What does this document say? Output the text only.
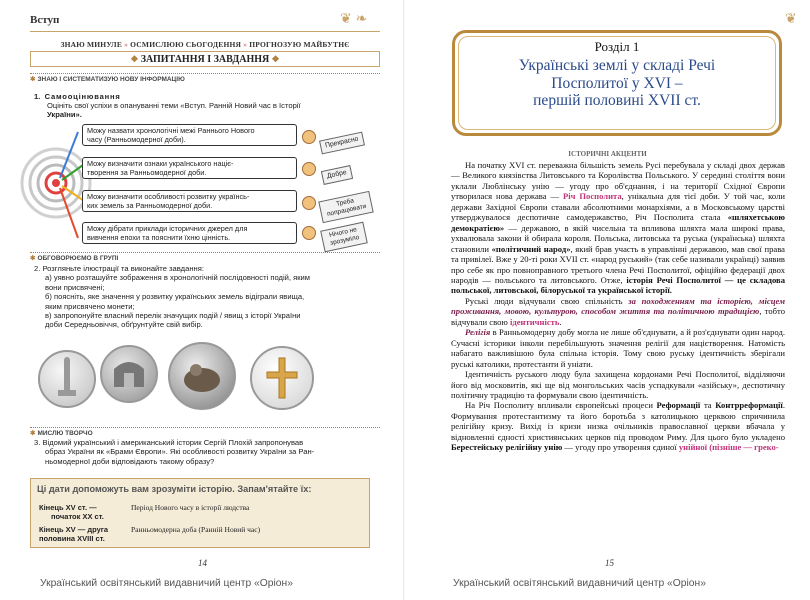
Вступ	❦ ❧
ЗНАЮ МИНУЛЕ » ОСМИСЛЮЮ СЬОГОДЕННЯ » ПРОГНОЗУЮ МАЙБУТНЄ
❖ ЗАПИТАННЯ І ЗАВДАННЯ ❖
✱ ЗНАЮ І СИСТЕМАТИЗУЮ НОВУ ІНФОРМАЦІЮ
1. Самооцінювання
Оцініть свої успіхи в опануванні теми «Вступ. Ранній Новий час в Історії
України».
Можу назвати хронологічні межі Раннього Нового
часу (Ранньомодерної доби).
Можу визначити ознаки українського націє-
творення за Ранньомодерної доби.
Можу визначити особливості розвитку українсь-
ких земель за Ранньомодерної доби.
Можу дібрати приклади історичних джерел для
вивчення епохи та пояснити їхню цінність.
Прекрасно
Добре
Треба попрацювати
Нічого не зрозуміло
✱ ОБГОВОРЮЄМО В ГРУПІ
2. Розгляньте ілюстрації та виконайте завдання:
а) уявно розташуйте зображення в хронологічній послідовності подій, яким
вони присвячені;
б) поясніть, яке значення у розвитку українських земель відіграли явища,
яким присвячено монети;
в) запропонуйте власний перелік значущих подій / явищ з історії України
доби Середньовіччя, обґрунтуйте свій вибір.
✱ МИСЛЮ ТВОРЧО
3. Відомий український і американський історик Сергій Плохій запропонував
образ України як «Брами Європи». Які особливості розвитку України за Ран-
ньомодерної доби відповідають такому образу?
Ці дати допоможуть вам зрозуміти історію. Запам'ятайте їх:
Кінець XV ст. —
початок XX ст.
Період Нового часу в історії людства
Кінець XV — друга
половина XVIII ст.
Ранньомодерна доба (Ранній Новий час)
14
Український освітянський видавничий центр «Оріон»
❦
Розділ 1
Українські землі у складі Речі
Посполитої у XVI –
першій половині XVII ст.
ІСТОРИЧНІ АКЦЕНТИ

На початку XVI ст. переважна більшість земель Русі перебувала у складі двох держав — Великого князівства Литовського та Королівства Польського. У середині століття вони уклали Люблінську унію — угоду про об'єднання, і на території Східної Європи утворилася нова держава — Річ Посполита, унікальна для тієї доби. У той час, коли держави Західної Європи ставали абсолютними монархіями, а в Московському царстві утверджувалося деспотичне самодержавство, Річ Посполита стала «шляхетською демократією» — державою, в якій чисельна та впливова шляхта мала широкі права, ухвалювала закони й обирала короля. Польська, литовська та руська (українська) шляхта становили «політичний народ», який брав участь в управлінні державою, мав свої права та привілеї. Вже у 20-ті роки XVII ст. «народ руський» (так себе називали українці) заявив про себе як про повноправного третього члена Речі Посполитої, офіційно федерації двох народів — польського та литовського. Отже, історія Речі Посполитої — це складова польської, литовської, білоруської та української історії.

Руські люди відчували свою спільність за походженням та історією, місцем проживання, мовою, культурою, способом життя та політичною традицією, тобто відчували свою ідентичність.

Релігія в Ранньомодерну добу могла не лише об'єднувати, а й роз'єднувати один народ. Сучасні історики інколи перебільшують значення релігії для націєтворення. Натомість набагато важливішою була спільна історія. Тому свою руську ідентичність зберігали руські католики, протестанти й уніати.

Ідентичність руського люду була захищена кордонами Речі Посполитої, відділяючи його від московитів, які ще від монгольських часів успадкували «азійську», деспотичну політичну традицію та формували свою ідентичність.

На Річ Посполиту впливали європейські процеси Реформації та Контрреформації. Формування протестантизму та його боротьба з католицькою церквою спричинила релігійну кризу. Вихід із кризи низка очільників православної церкви вбачала у відновленні єдності християнських церков під проводом Риму. Для цього було укладено Берестейську релігійну унію — угоду про утворення єдиної унійної (пізніше — греко-

15
Український освітянський видавничий центр «Оріон»
